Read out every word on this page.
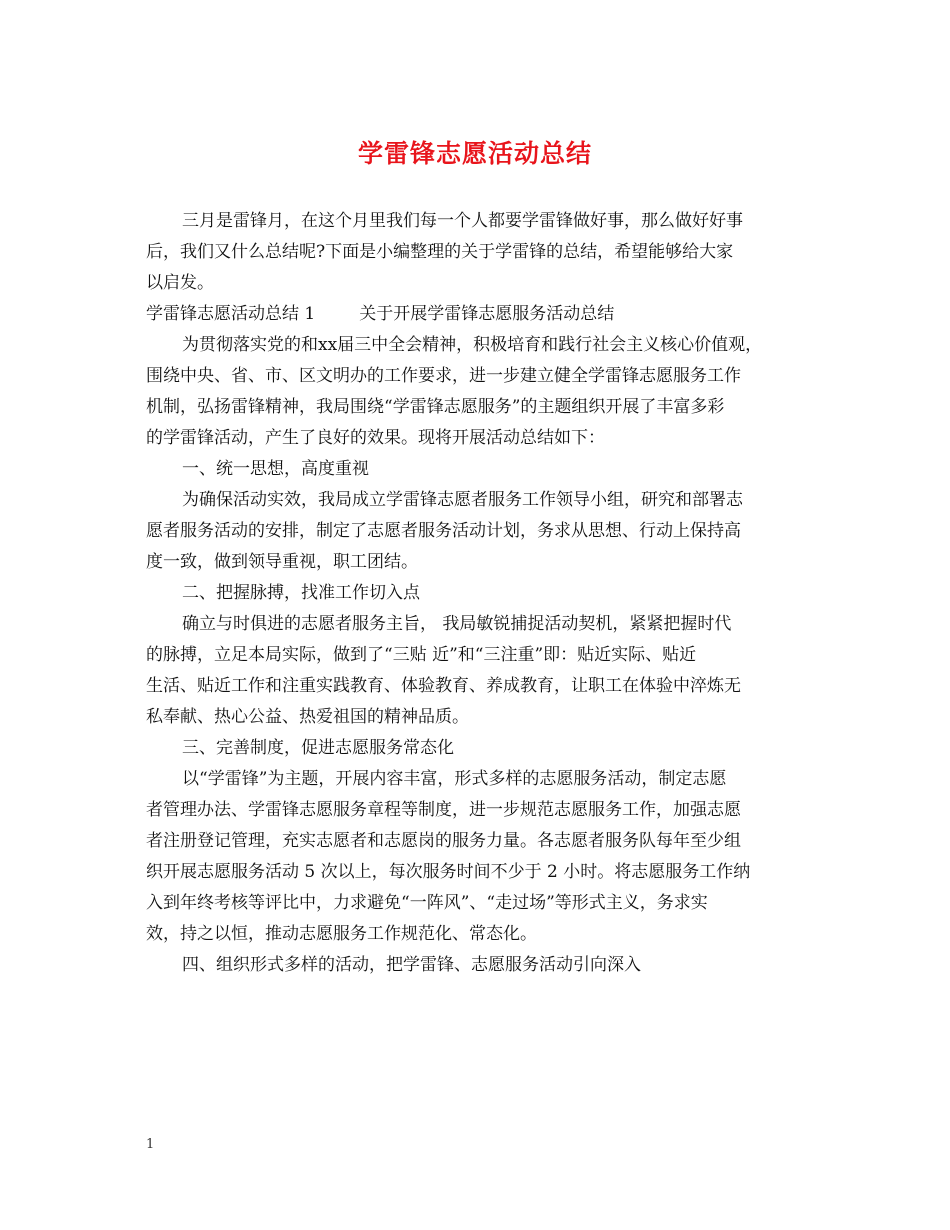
学雷锋志愿活动总结
三月是雷锋月，在这个月里我们每一个人都要学雷锋做好事，那么做好好事
后，我们又什么总结呢?下面是小编整理的关于学雷锋的总结，希望能够给大家
以启发。
学雷锋志愿活动总结 1	关于开展学雷锋志愿服务活动总结
为贯彻落实党的和xx届三中全会精神，积极培育和践行社会主义核心价值观，
围绕中央、省、市、区文明办的工作要求，进一步建立健全学雷锋志愿服务工作
机制，弘扬雷锋精神，我局围绕“学雷锋志愿服务”的主题组织开展了丰富多彩
的学雷锋活动，产生了良好的效果。现将开展活动总结如下：
一、统一思想，高度重视
为确保活动实效，我局成立学雷锋志愿者服务工作领导小组，研究和部署志
愿者服务活动的安排，制定了志愿者服务活动计划，务求从思想、行动上保持高
度一致，做到领导重视，职工团结。
二、把握脉搏，找准工作切入点
确立与时俱进的志愿者服务主旨， 我局敏锐捕捉活动契机，紧紧把握时代
的脉搏，立足本局实际，做到了“三贴 近”和“三注重”即：贴近实际、贴近
生活、贴近工作和注重实践教育、体验教育、养成教育，让职工在体验中淬炼无
私奉献、热心公益、热爱祖国的精神品质。
三、完善制度，促进志愿服务常态化
以“学雷锋”为主题，开展内容丰富，形式多样的志愿服务活动，制定志愿
者管理办法、学雷锋志愿服务章程等制度，进一步规范志愿服务工作，加强志愿
者注册登记管理，充实志愿者和志愿岗的服务力量。各志愿者服务队每年至少组
织开展志愿服务活动 5 次以上，每次服务时间不少于 2 小时。将志愿服务工作纳
入到年终考核等评比中，力求避免“一阵风”、“走过场”等形式主义，务求实
效，持之以恒，推动志愿服务工作规范化、常态化。
四、组织形式多样的活动，把学雷锋、志愿服务活动引向深入
1
